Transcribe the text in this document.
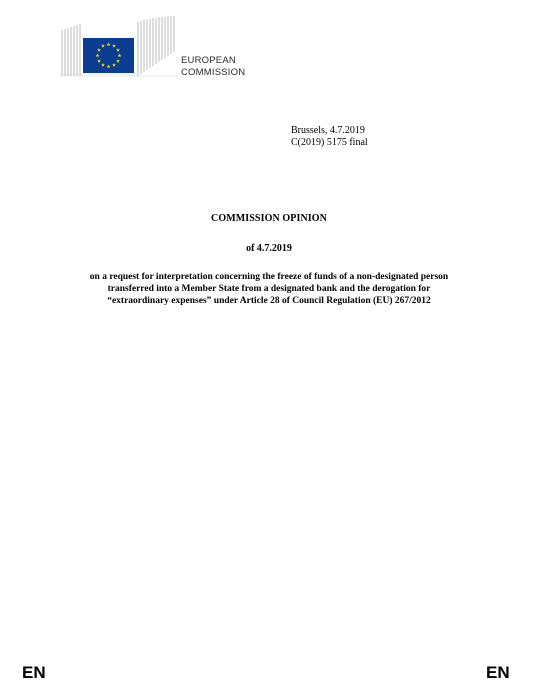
EUROPEAN
COMMISSION
Brussels, 4.7.2019
C(2019) 5175 final
COMMISSION OPINION
of 4.7.2019
on a request for interpretation concerning the freeze of funds of a non-designated person
transferred into a Member State from a designated bank and the derogation for
“extraordinary expenses” under Article 28 of Council Regulation (EU) 267/2012
EN	EN
